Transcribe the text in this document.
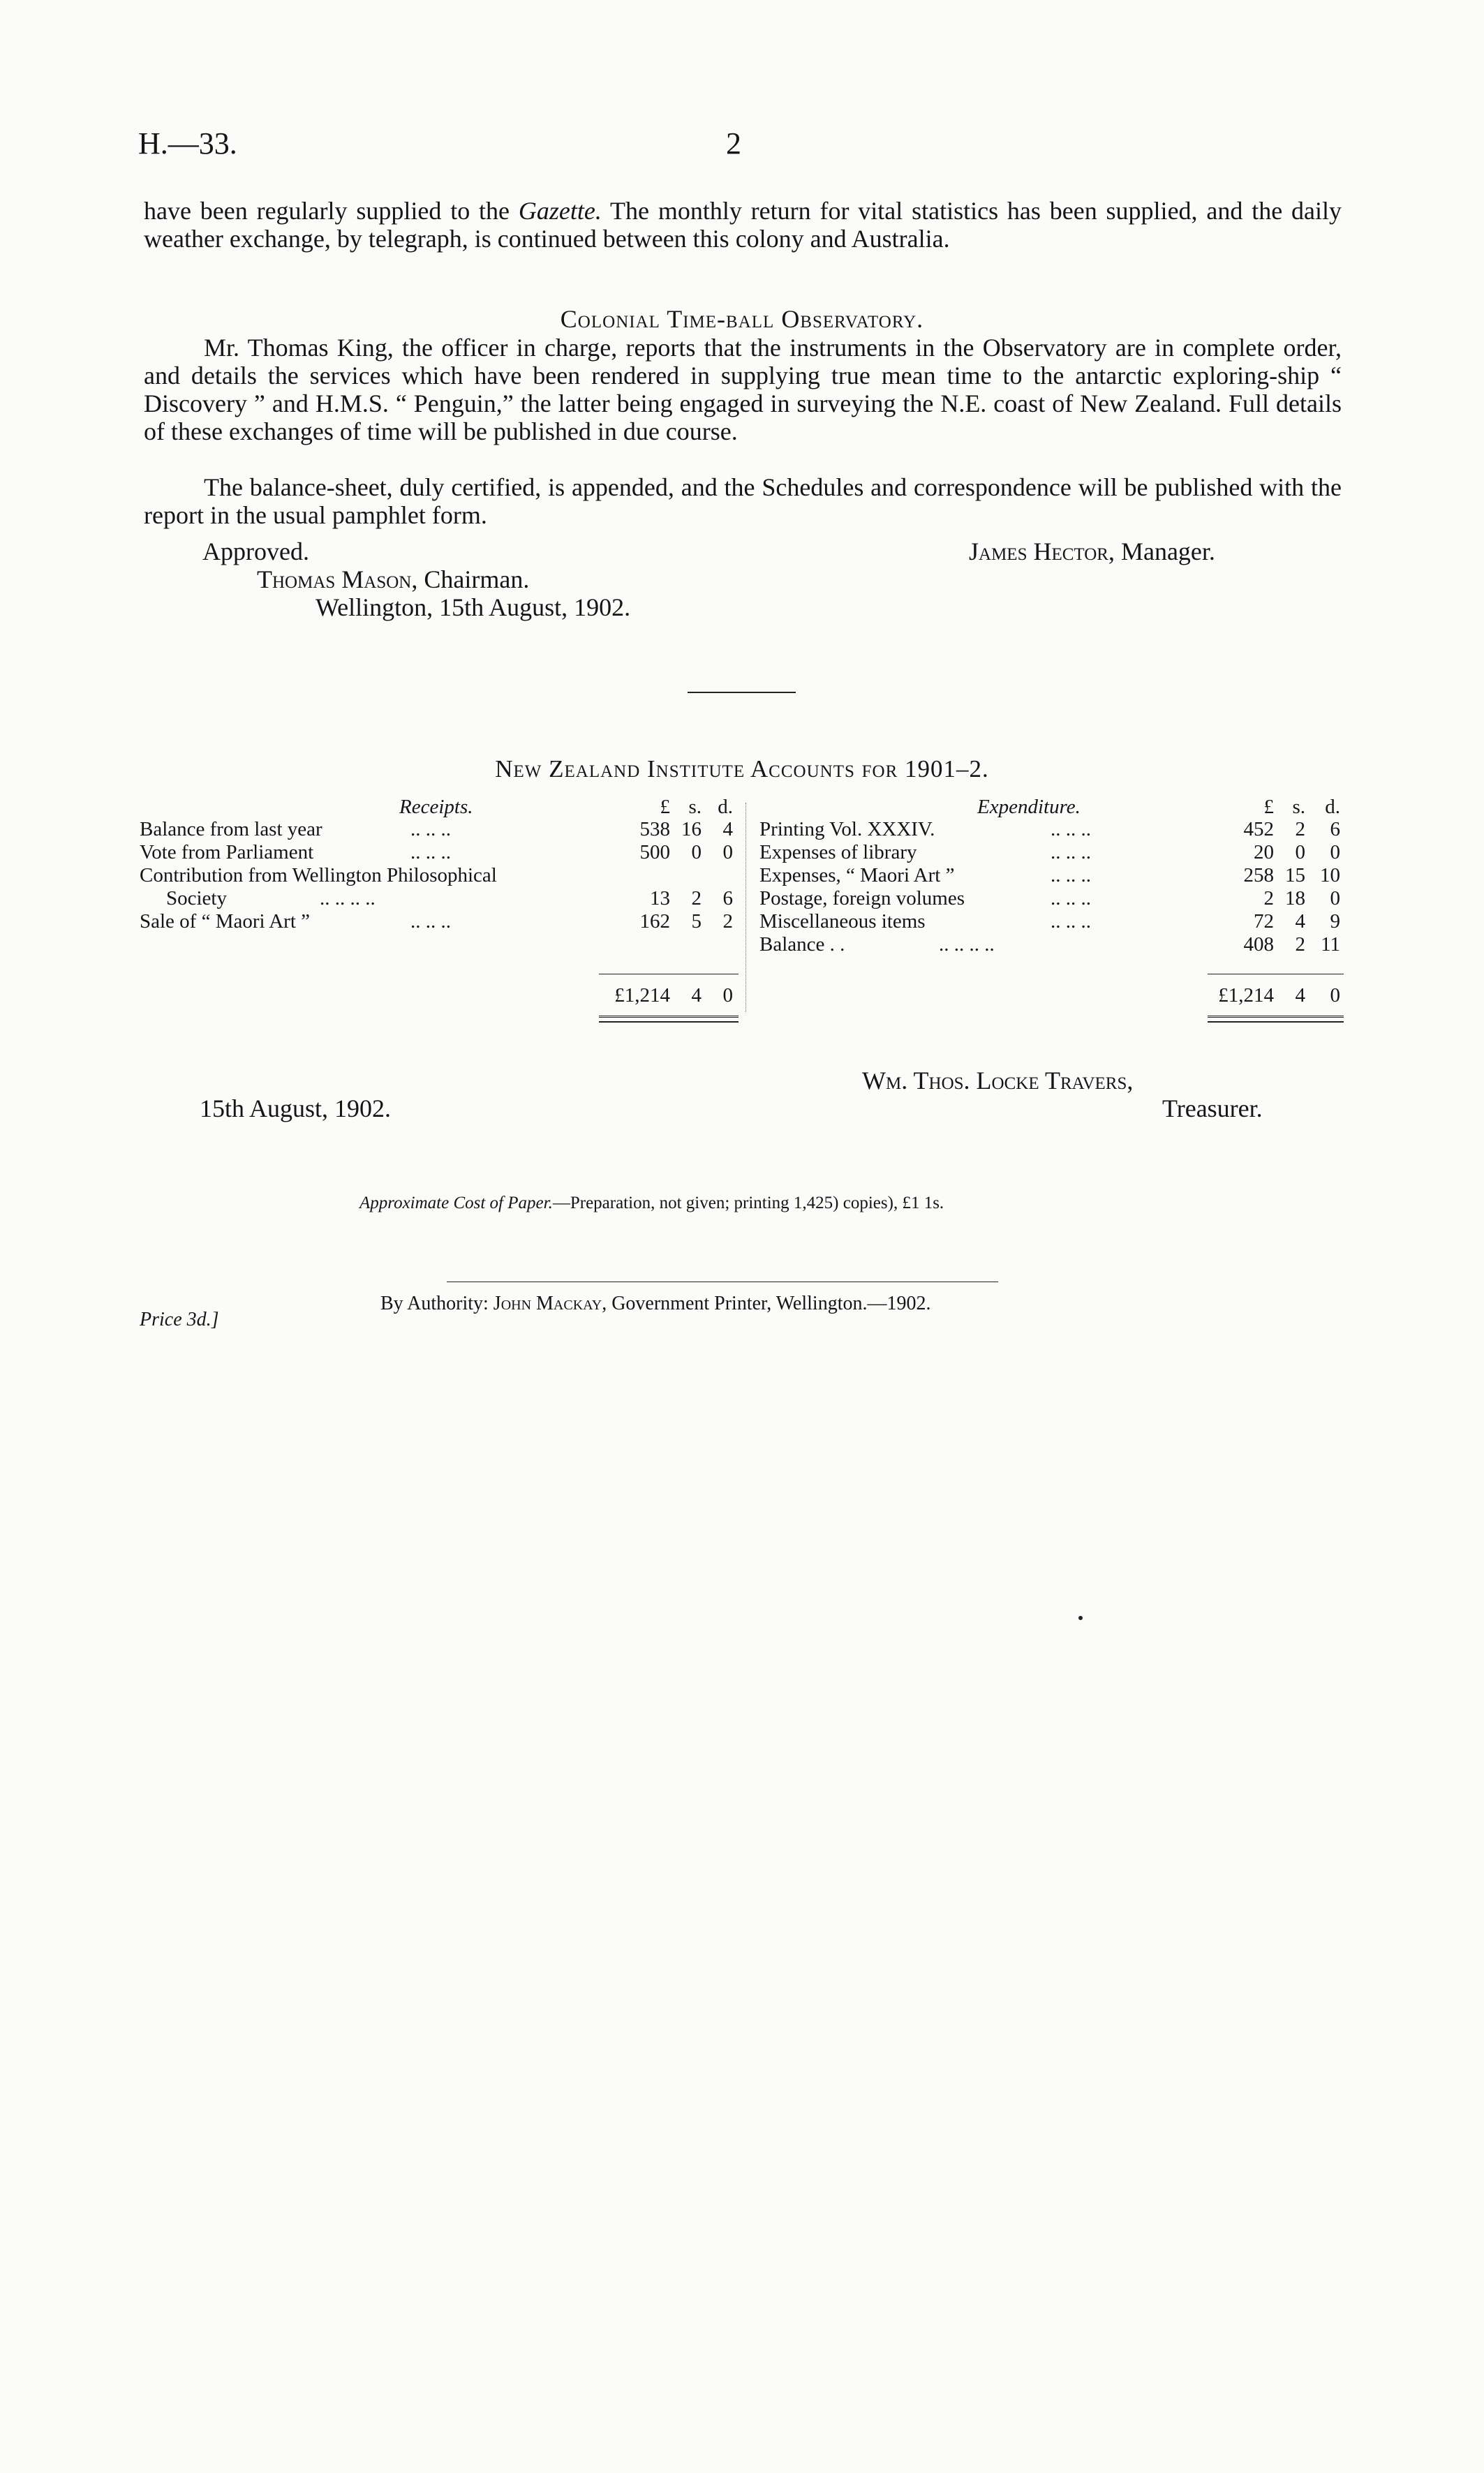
H.—33.	2
have been regularly supplied to the Gazette. The monthly return for vital statistics has been supplied, and the daily weather exchange, by telegraph, is continued between this colony and Australia.
Colonial Time-ball Observatory.
Mr. Thomas King, the officer in charge, reports that the instruments in the Observatory are in complete order, and details the services which have been rendered in supplying true mean time to the antarctic exploring-ship “ Discovery ” and H.M.S. “ Penguin,” the latter being engaged in surveying the N.E. coast of New Zealand. Full details of these exchanges of time will be published in due course.
The balance-sheet, duly certified, is appended, and the Schedules and correspondence will be published with the report in the usual pamphlet form.
Approved.
Thomas Mason, Chairman.
Wellington, 15th August, 1902.
James Hector, Manager.
New Zealand Institute Accounts for 1901–2.
Receipts.	£ s. d.	Expenditure.	£ s. d.
Balance from last year	.. .. ..	538 16	4
Vote from Parliament	.. .. ..	500	0	0
Contribution from Wellington Philosophical
Society	.. .. .. ..	13	2	6
Sale of “ Maori Art ”	.. .. ..	162	5	2
£1,214	4	0
Printing Vol. XXXIV.	.. .. ..	452	2	6
Expenses of library	.. .. ..	20	0	0
Expenses, “ Maori Art ”	.. .. ..	258 15 10
Postage, foreign volumes	.. .. ..	2 18	0
Miscellaneous items	.. .. ..	72	4	9
Balance . .	.. .. .. ..	408	2 11
£1,214	4	0
Wm. Thos. Locke Travers,
15th August, 1902.	Treasurer.
Approximate Cost of Paper.—Preparation, not given; printing 1,425) copies), £1 1s.
By Authority: John Mackay, Government Printer, Wellington.—1902.
Price 3d.]
